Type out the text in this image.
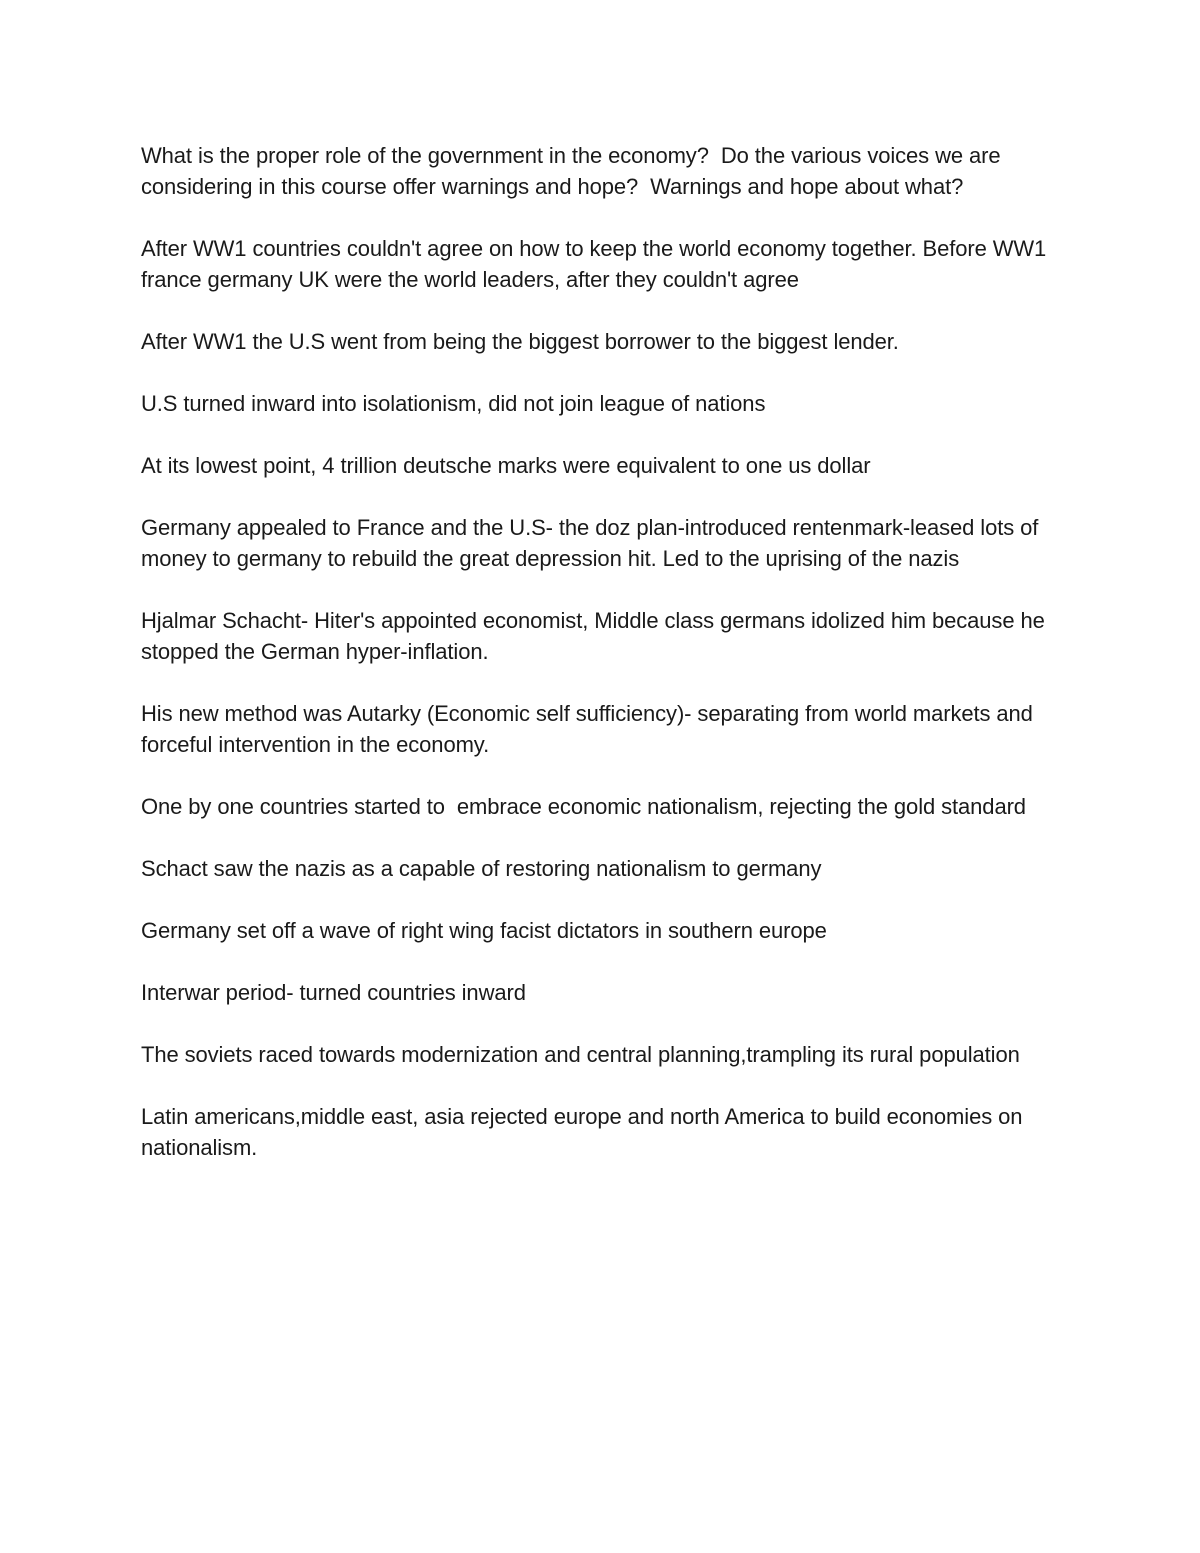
What is the proper role of the government in the economy?  Do the various voices we are considering in this course offer warnings and hope?  Warnings and hope about what?

After WW1 countries couldn't agree on how to keep the world economy together. Before WW1 france germany UK were the world leaders, after they couldn't agree

After WW1 the U.S went from being the biggest borrower to the biggest lender.

U.S turned inward into isolationism, did not join league of nations

At its lowest point, 4 trillion deutsche marks were equivalent to one us dollar

Germany appealed to France and the U.S- the doz plan-introduced rentenmark-leased lots of money to germany to rebuild the great depression hit. Led to the uprising of the nazis

Hjalmar Schacht- Hiter's appointed economist, Middle class germans idolized him because he stopped the German hyper-inflation.

His new method was Autarky (Economic self sufficiency)- separating from world markets and forceful intervention in the economy.

One by one countries started to  embrace economic nationalism, rejecting the gold standard

Schact saw the nazis as a capable of restoring nationalism to germany

Germany set off a wave of right wing facist dictators in southern europe

Interwar period- turned countries inward

The soviets raced towards modernization and central planning,trampling its rural population

Latin americans,middle east, asia rejected europe and north America to build economies on nationalism.
